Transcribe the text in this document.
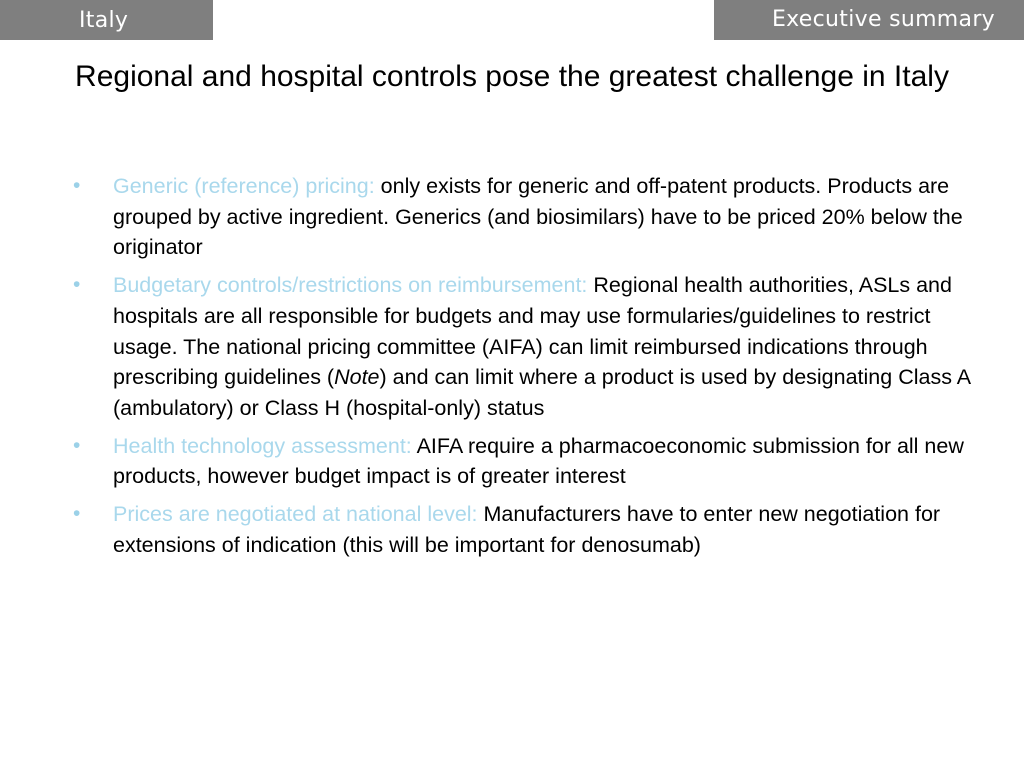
Italy	Executive summary
Regional and hospital controls pose the greatest challenge in Italy
• Generic (reference) pricing: only exists for generic and off-patent products. Products are grouped by active ingredient. Generics (and biosimilars) have to be priced 20% below the originator
• Budgetary controls/restrictions on reimbursement: Regional health authorities, ASLs and hospitals are all responsible for budgets and may use formularies/guidelines to restrict usage. The national pricing committee (AIFA) can limit reimbursed indications through prescribing guidelines (Note) and can limit where a product is used by designating Class A (ambulatory) or Class H (hospital-only) status
• Health technology assessment: AIFA require a pharmacoeconomic submission for all new products, however budget impact is of greater interest
• Prices are negotiated at national level: Manufacturers have to enter new negotiation for extensions of indication (this will be important for denosumab)
